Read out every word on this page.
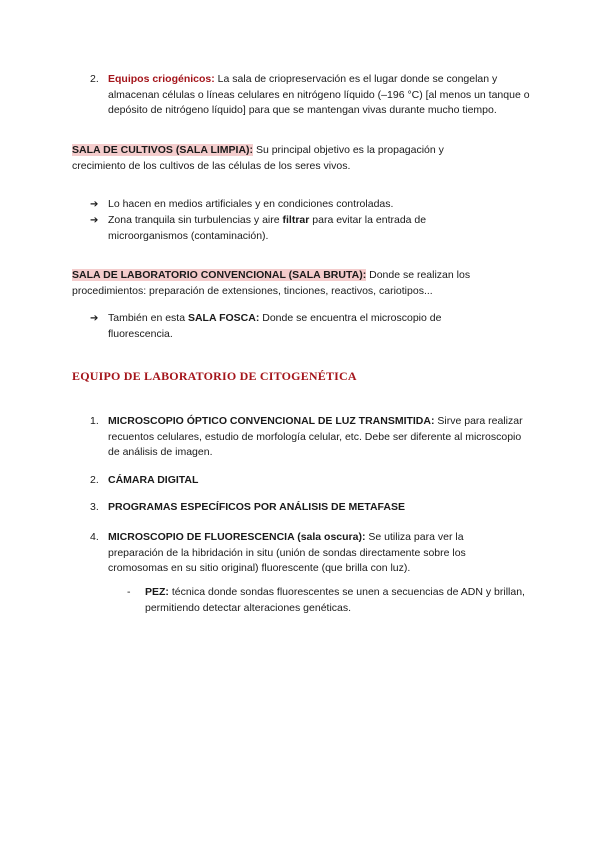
2. Equipos criogénicos: La sala de criopreservación es el lugar donde se congelan y almacenan células o líneas celulares en nitrógeno líquido (–196 °C) [al menos un tanque o depósito de nitrógeno líquido] para que se mantengan vivas durante mucho tiempo.
SALA DE CULTIVOS (SALA LIMPIA): Su principal objetivo es la propagación y crecimiento de los cultivos de las células de los seres vivos.
➔ Lo hacen en medios artificiales y en condiciones controladas.
➔ Zona tranquila sin turbulencias y aire filtrar para evitar la entrada de microorganismos (contaminación).
SALA DE LABORATORIO CONVENCIONAL (SALA BRUTA): Donde se realizan los procedimientos: preparación de extensiones, tinciones, reactivos, cariotipos...
➔ También en esta SALA FOSCA: Donde se encuentra el microscopio de fluorescencia.
EQUIPO DE LABORATORIO DE CITOGENÉTICA
1. MICROSCOPIO ÓPTICO CONVENCIONAL DE LUZ TRANSMITIDA: Sirve para realizar recuentos celulares, estudio de morfología celular, etc. Debe ser diferente al microscopio de análisis de imagen.
2. CÁMARA DIGITAL
3. PROGRAMAS ESPECÍFICOS POR ANÁLISIS DE METAFASE
4. MICROSCOPIO DE FLUORESCENCIA (sala oscura): Se utiliza para ver la preparación de la hibridación in situ (unión de sondas directamente sobre los cromosomas en su sitio original) fluorescente (que brilla con luz).
-	PEZ: técnica donde sondas fluorescentes se unen a secuencias de ADN y brillan, permitiendo detectar alteraciones genéticas.
